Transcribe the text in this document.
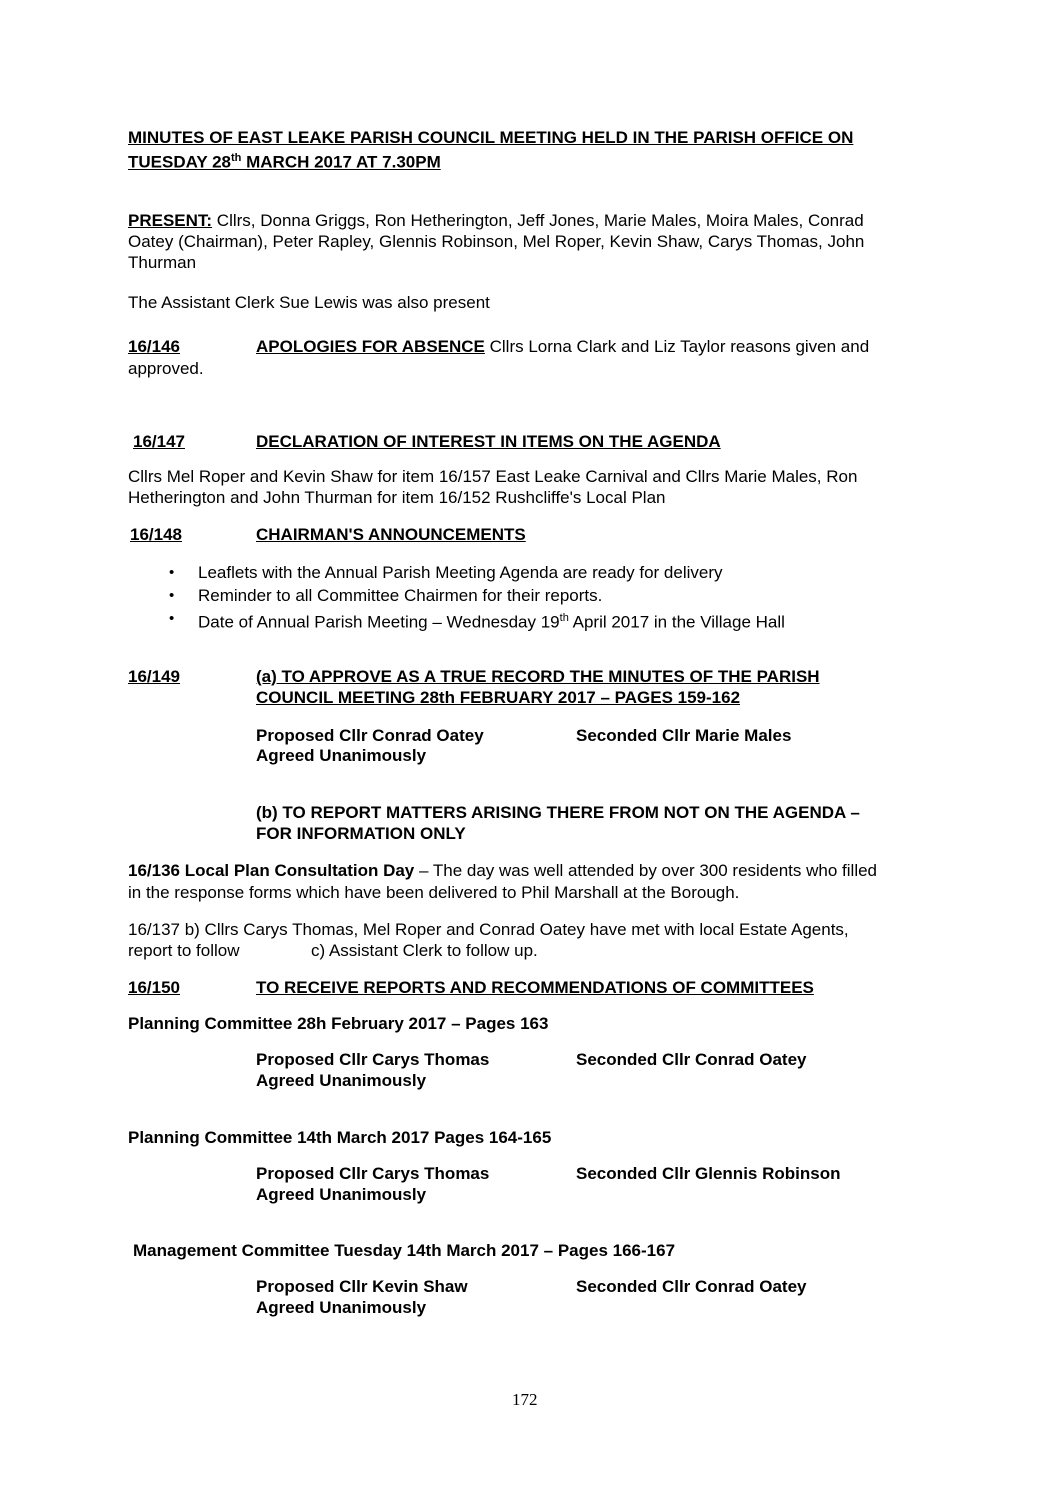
MINUTES OF EAST LEAKE PARISH COUNCIL MEETING HELD IN THE PARISH OFFICE ON
TUESDAY 28th MARCH 2017 AT 7.30PM
PRESENT: Cllrs, Donna Griggs, Ron Hetherington, Jeff Jones, Marie Males, Moira Males, Conrad
Oatey (Chairman), Peter Rapley, Glennis Robinson, Mel Roper, Kevin Shaw, Carys Thomas, John
Thurman
The Assistant Clerk Sue Lewis was also present
16/146	APOLOGIES FOR ABSENCE Cllrs Lorna Clark and Liz Taylor reasons given and
approved.
16/147	DECLARATION OF INTEREST IN ITEMS ON THE AGENDA
Cllrs Mel Roper and Kevin Shaw for item 16/157 East Leake Carnival and Cllrs Marie Males, Ron
Hetherington and John Thurman for item 16/152 Rushcliffe's Local Plan
16/148	CHAIRMAN'S ANNOUNCEMENTS
• Leaflets with the Annual Parish Meeting Agenda are ready for delivery
• Reminder to all Committee Chairmen for their reports.
• Date of Annual Parish Meeting – Wednesday 19th April 2017 in the Village Hall
16/149	(a) TO APPROVE AS A TRUE RECORD THE MINUTES OF THE PARISH
COUNCIL MEETING 28th FEBRUARY 2017 – PAGES 159-162
Proposed Cllr Conrad Oatey	Seconded Cllr Marie Males
Agreed Unanimously
(b) TO REPORT MATTERS ARISING THERE FROM NOT ON THE AGENDA –
FOR INFORMATION ONLY
16/136 Local Plan Consultation Day – The day was well attended by over 300 residents who filled
in the response forms which have been delivered to Phil Marshall at the Borough.
16/137 b) Cllrs Carys Thomas, Mel Roper and Conrad Oatey have met with local Estate Agents,
report to follow	c) Assistant Clerk to follow up.
16/150	TO RECEIVE REPORTS AND RECOMMENDATIONS OF COMMITTEES
Planning Committee 28h February 2017 – Pages 163
Proposed Cllr Carys Thomas	Seconded Cllr Conrad Oatey
Agreed Unanimously
Planning Committee 14th March 2017 Pages 164-165
Proposed Cllr Carys Thomas	Seconded Cllr Glennis Robinson
Agreed Unanimously
Management Committee Tuesday 14th March 2017 – Pages 166-167
Proposed Cllr Kevin Shaw	Seconded Cllr Conrad Oatey
Agreed Unanimously
172
